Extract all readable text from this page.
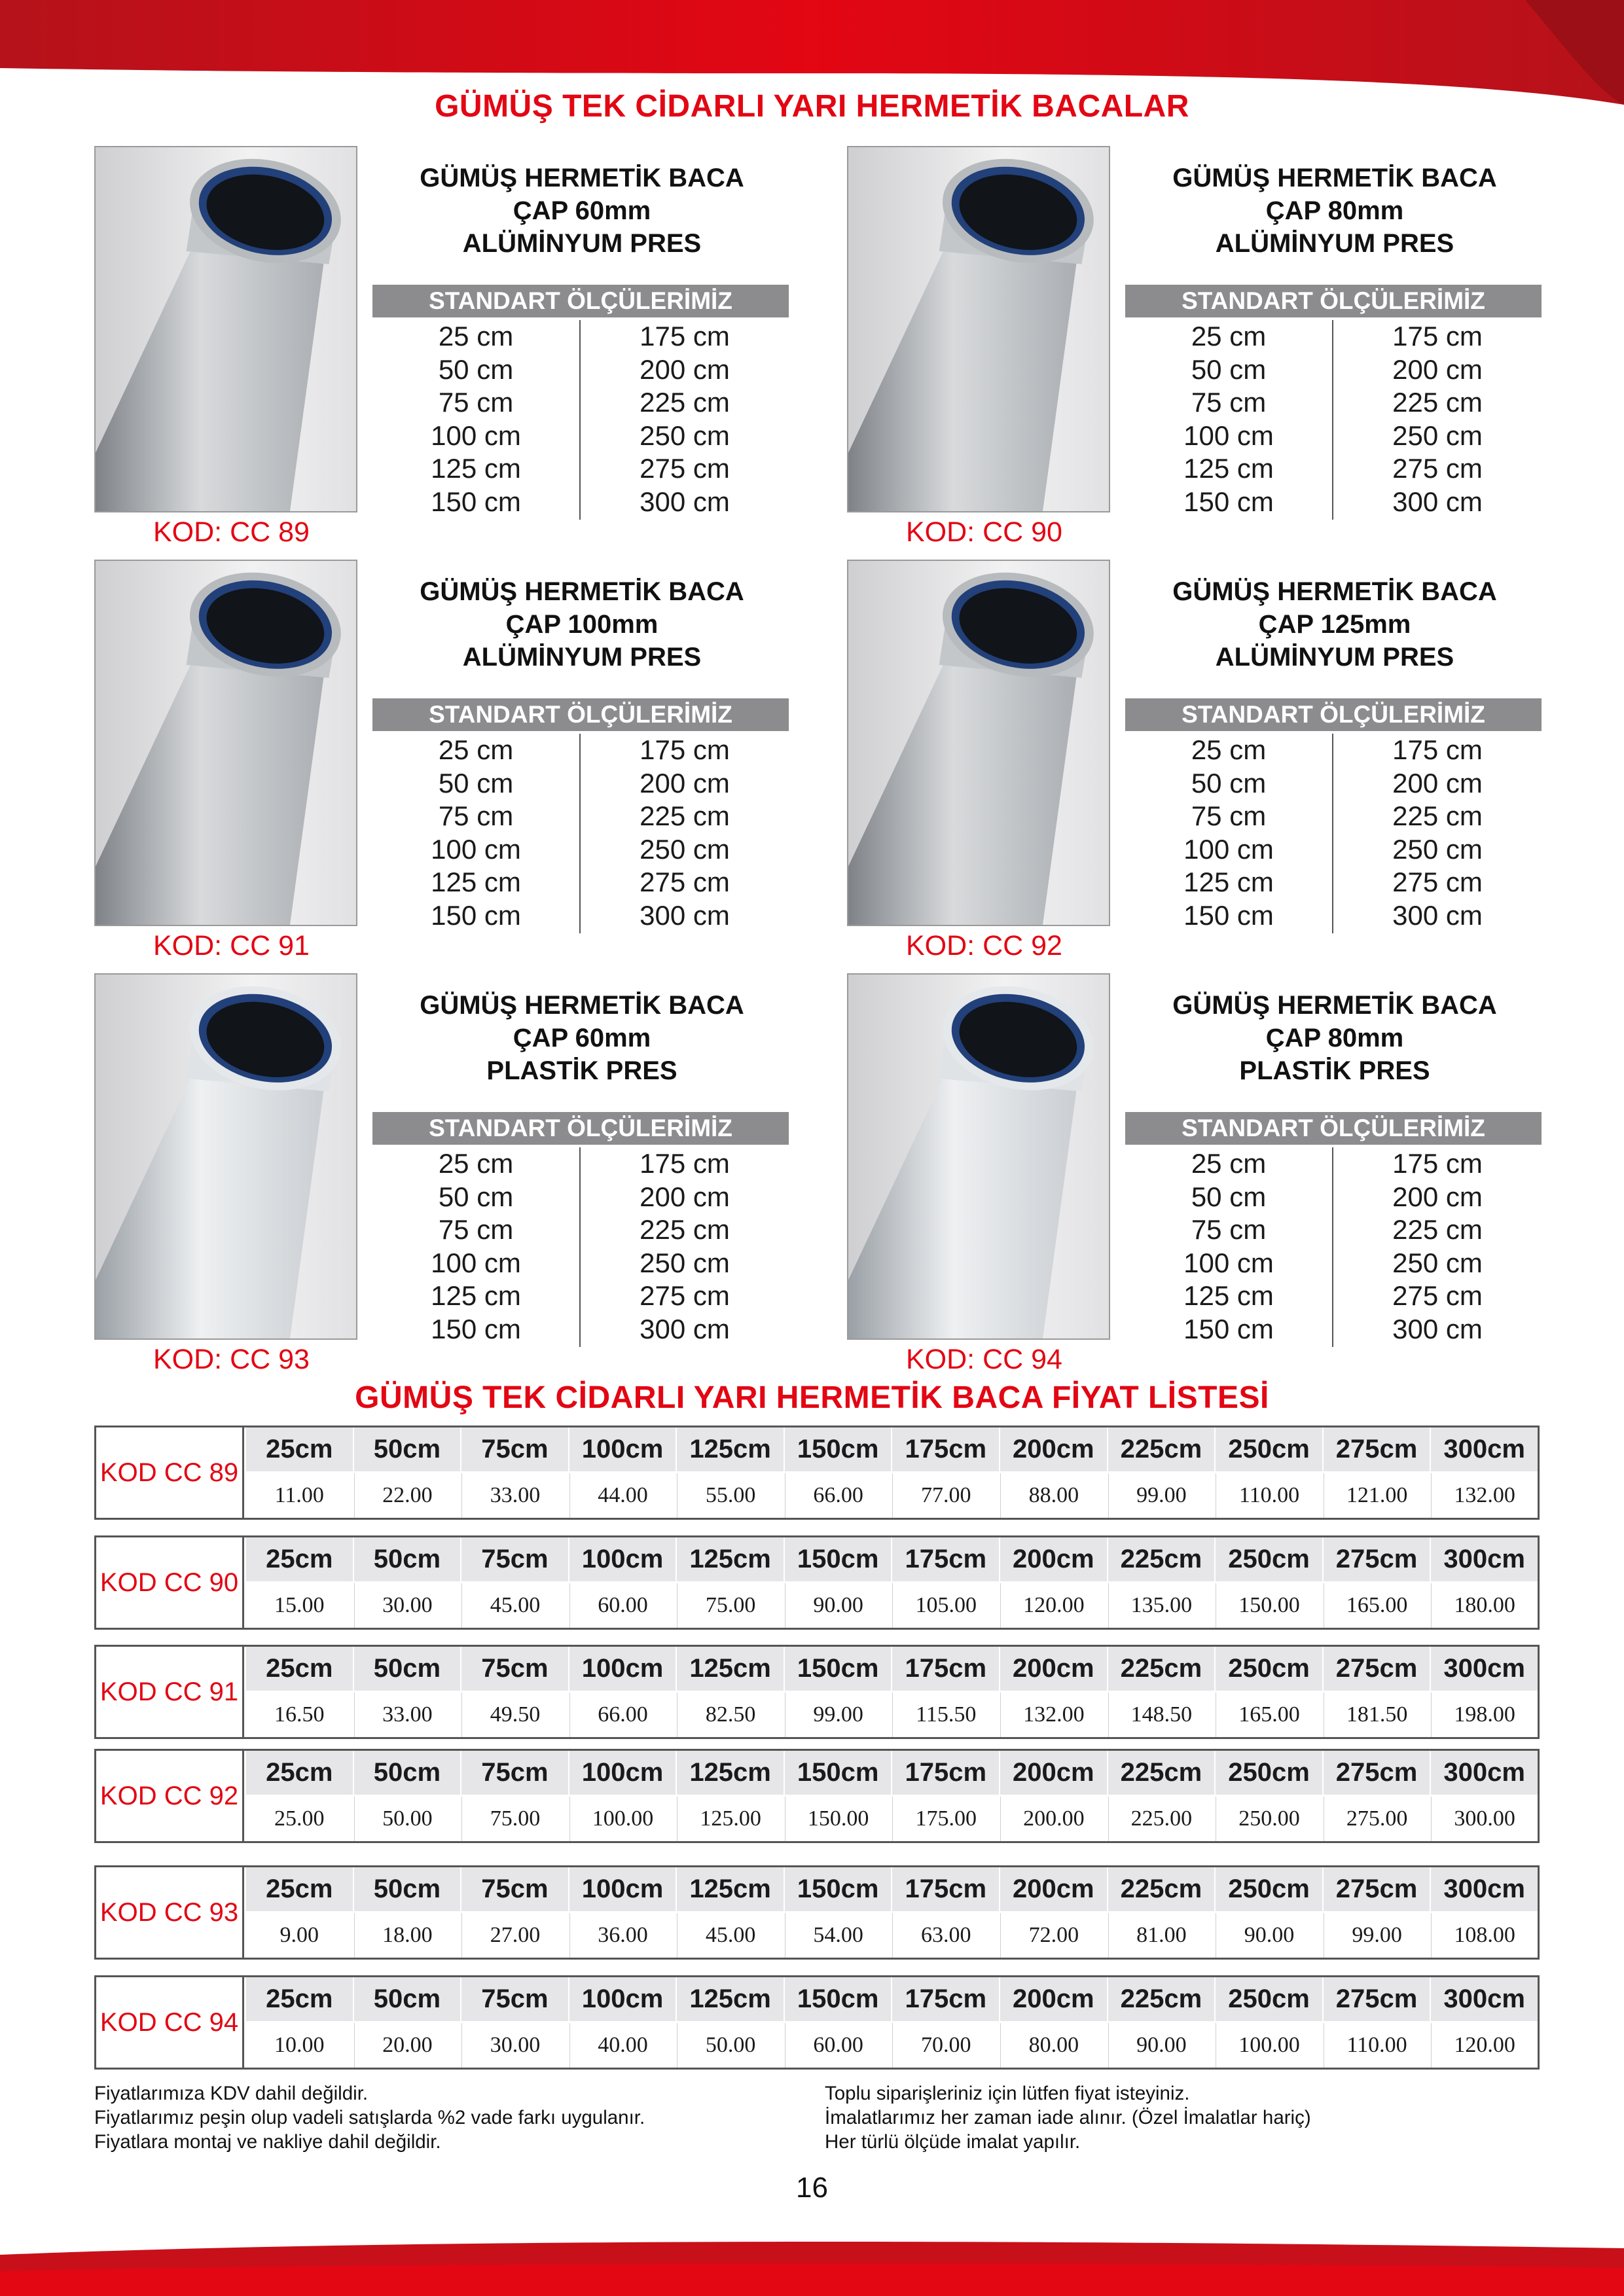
GÜMÜŞ TEK CİDARLI YARI HERMETİK BACALAR
KOD: CC 89
GÜMÜŞ HERMETİK BACA
ÇAP 60mm
ALÜMİNYUM PRES
STANDART ÖLÇÜLERİMİZ
25 cm
50 cm
75 cm
100 cm
125 cm
150 cm
175 cm
200 cm
225 cm
250 cm
275 cm
300 cm
KOD: CC 90
GÜMÜŞ HERMETİK BACA
ÇAP 80mm
ALÜMİNYUM PRES
STANDART ÖLÇÜLERİMİZ
25 cm
50 cm
75 cm
100 cm
125 cm
150 cm
175 cm
200 cm
225 cm
250 cm
275 cm
300 cm
KOD: CC 91
GÜMÜŞ HERMETİK BACA
ÇAP 100mm
ALÜMİNYUM PRES
STANDART ÖLÇÜLERİMİZ
25 cm
50 cm
75 cm
100 cm
125 cm
150 cm
175 cm
200 cm
225 cm
250 cm
275 cm
300 cm
KOD: CC 92
GÜMÜŞ HERMETİK BACA
ÇAP 125mm
ALÜMİNYUM PRES
STANDART ÖLÇÜLERİMİZ
25 cm
50 cm
75 cm
100 cm
125 cm
150 cm
175 cm
200 cm
225 cm
250 cm
275 cm
300 cm
KOD: CC 93
GÜMÜŞ HERMETİK BACA
ÇAP 60mm
PLASTİK PRES
STANDART ÖLÇÜLERİMİZ
25 cm
50 cm
75 cm
100 cm
125 cm
150 cm
175 cm
200 cm
225 cm
250 cm
275 cm
300 cm
KOD: CC 94
GÜMÜŞ HERMETİK BACA
ÇAP 80mm
PLASTİK PRES
STANDART ÖLÇÜLERİMİZ
25 cm
50 cm
75 cm
100 cm
125 cm
150 cm
175 cm
200 cm
225 cm
250 cm
275 cm
300 cm
GÜMÜŞ TEK CİDARLI YARI HERMETİK BACA FİYAT LİSTESİ
KOD CC 89
25cm
11.00
50cm
22.00
75cm
33.00
100cm
44.00
125cm
55.00
150cm
66.00
175cm
77.00
200cm
88.00
225cm
99.00
250cm
110.00
275cm
121.00
300cm
132.00
KOD CC 90
25cm
15.00
50cm
30.00
75cm
45.00
100cm
60.00
125cm
75.00
150cm
90.00
175cm
105.00
200cm
120.00
225cm
135.00
250cm
150.00
275cm
165.00
300cm
180.00
KOD CC 91
25cm
16.50
50cm
33.00
75cm
49.50
100cm
66.00
125cm
82.50
150cm
99.00
175cm
115.50
200cm
132.00
225cm
148.50
250cm
165.00
275cm
181.50
300cm
198.00
KOD CC 92
25cm
25.00
50cm
50.00
75cm
75.00
100cm
100.00
125cm
125.00
150cm
150.00
175cm
175.00
200cm
200.00
225cm
225.00
250cm
250.00
275cm
275.00
300cm
300.00
KOD CC 93
25cm
9.00
50cm
18.00
75cm
27.00
100cm
36.00
125cm
45.00
150cm
54.00
175cm
63.00
200cm
72.00
225cm
81.00
250cm
90.00
275cm
99.00
300cm
108.00
KOD CC 94
25cm
10.00
50cm
20.00
75cm
30.00
100cm
40.00
125cm
50.00
150cm
60.00
175cm
70.00
200cm
80.00
225cm
90.00
250cm
100.00
275cm
110.00
300cm
120.00
Fiyatlarımıza KDV dahil değildir.
Fiyatlarımız peşin olup vadeli satışlarda %2 vade farkı uygulanır.
Fiyatlara montaj ve nakliye dahil değildir.
Toplu siparişleriniz için lütfen fiyat isteyiniz.
İmalatlarımız her zaman iade alınır. (Özel İmalatlar hariç)
Her türlü ölçüde imalat yapılır.
16
